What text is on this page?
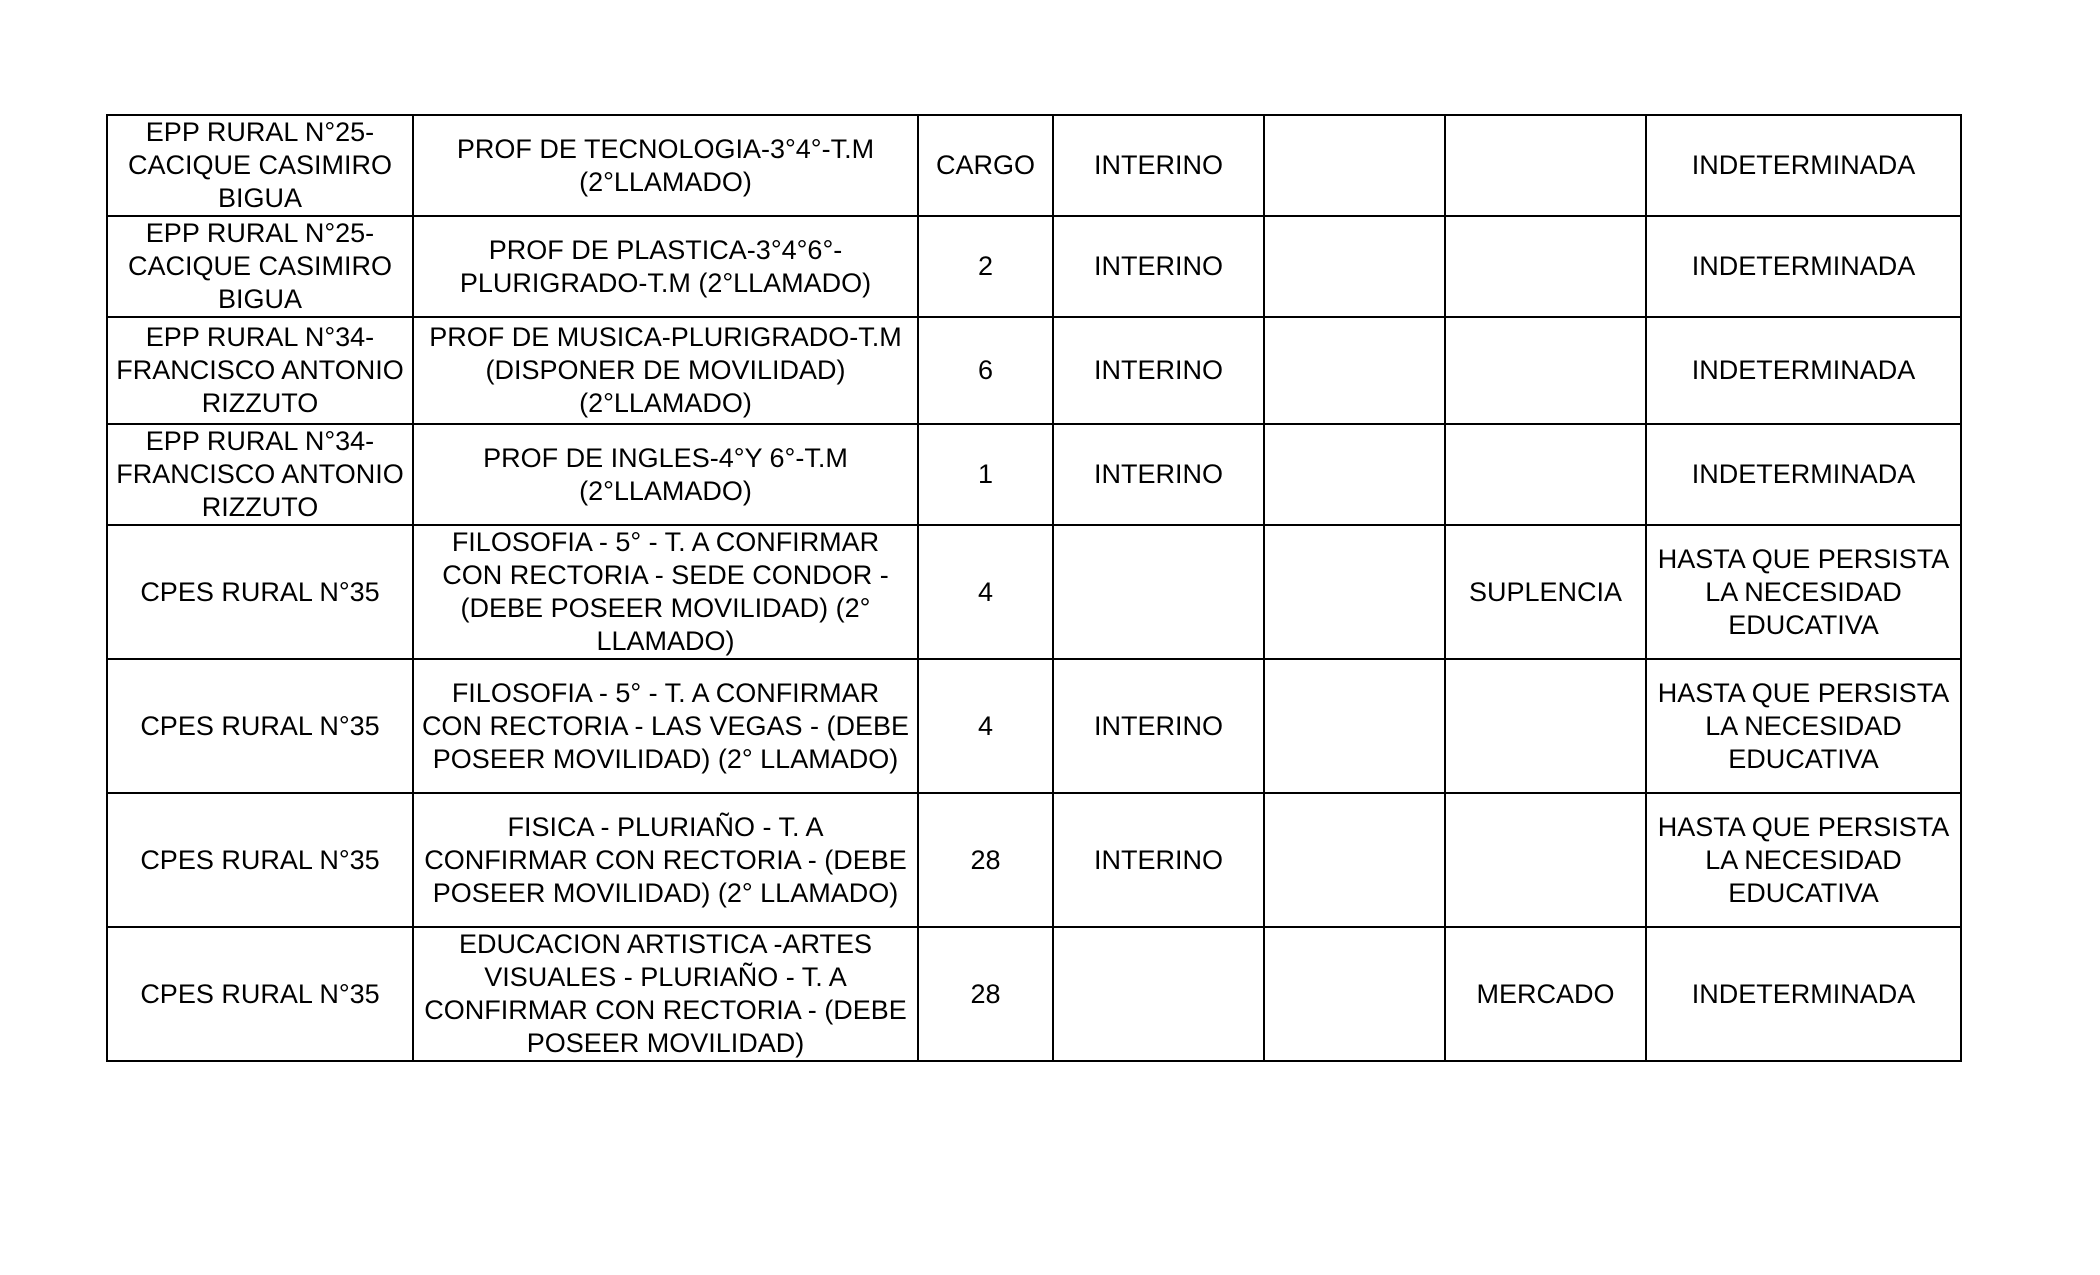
EPP RURAL N°25-
CACIQUE CASIMIRO
BIGUA	PROF DE TECNOLOGIA-3°4°-T.M
(2°LLAMADO)	CARGO	INTERINO			INDETERMINADA
EPP RURAL N°25-
CACIQUE CASIMIRO
BIGUA	PROF DE PLASTICA-3°4°6°-
PLURIGRADO-T.M (2°LLAMADO)	2	INTERINO			INDETERMINADA
EPP RURAL N°34-
FRANCISCO ANTONIO
RIZZUTO	PROF DE MUSICA-PLURIGRADO-T.M
(DISPONER DE MOVILIDAD)
(2°LLAMADO)	6	INTERINO			INDETERMINADA
EPP RURAL N°34-
FRANCISCO ANTONIO
RIZZUTO	PROF DE INGLES-4°Y 6°-T.M
(2°LLAMADO)	1	INTERINO			INDETERMINADA
CPES RURAL N°35	FILOSOFIA - 5° - T. A CONFIRMAR
CON RECTORIA - SEDE CONDOR -
(DEBE POSEER MOVILIDAD) (2°
LLAMADO)	4			SUPLENCIA	HASTA QUE PERSISTA
LA NECESIDAD
EDUCATIVA
CPES RURAL N°35	FILOSOFIA - 5° - T. A CONFIRMAR
CON RECTORIA - LAS VEGAS - (DEBE
POSEER MOVILIDAD) (2° LLAMADO)	4	INTERINO			HASTA QUE PERSISTA
LA NECESIDAD
EDUCATIVA
CPES RURAL N°35	FISICA - PLURIAÑO - T. A
CONFIRMAR CON RECTORIA - (DEBE
POSEER MOVILIDAD) (2° LLAMADO)	28	INTERINO			HASTA QUE PERSISTA
LA NECESIDAD
EDUCATIVA
CPES RURAL N°35	EDUCACION ARTISTICA -ARTES
VISUALES - PLURIAÑO - T. A
CONFIRMAR CON RECTORIA - (DEBE
POSEER MOVILIDAD)	28			MERCADO	INDETERMINADA
